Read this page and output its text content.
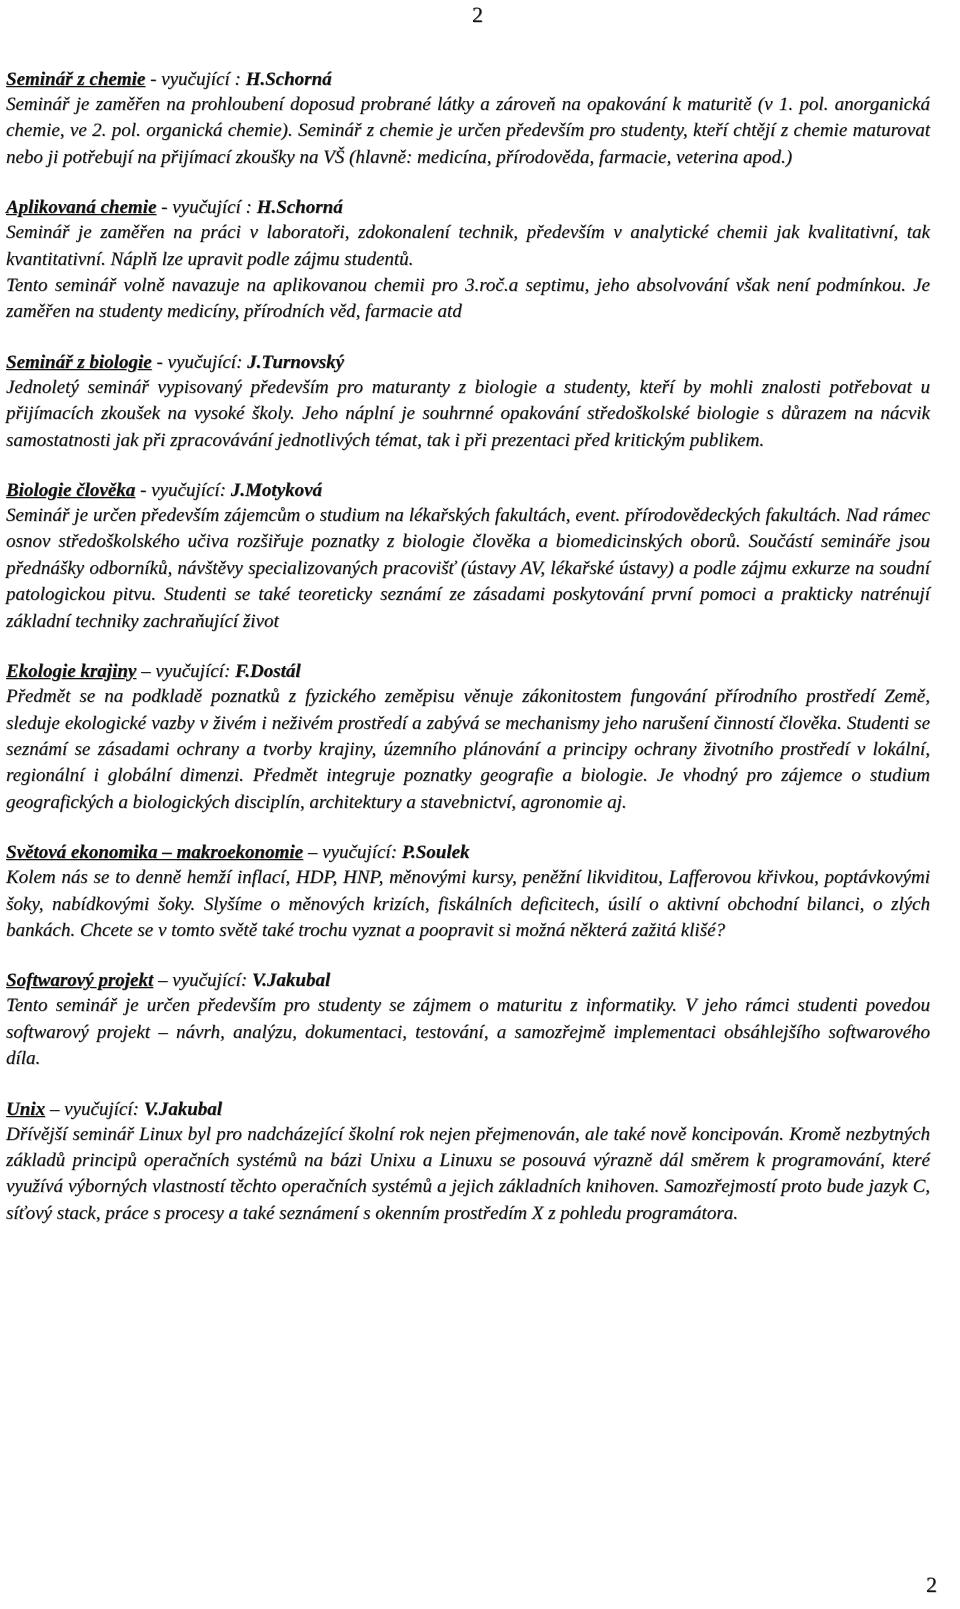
2

Seminář z chemie - vyučující : H.Schorná

Seminář je zaměřen na prohloubení doposud probrané látky a zároveň na opakování k maturitě (v 1. pol. anorganická chemie, ve 2. pol. organická chemie). Seminář z chemie je určen především pro studenty, kteří chtějí z chemie maturovat nebo ji potřebují na přijímací zkoušky na VŠ (hlavně: medicína, přírodověda, farmacie, veterina apod.)

Aplikovaná chemie - vyučující : H.Schorná

Seminář je zaměřen na práci v laboratoři, zdokonalení technik, především v analytické chemii jak kvalitativní, tak kvantitativní. Náplň lze upravit podle zájmu studentů.

Tento seminář volně navazuje na aplikovanou chemii pro 3.roč.a septimu, jeho absolvování však není podmínkou. Je zaměřen na studenty medicíny, přírodních věd, farmacie atd

Seminář z biologie - vyučující: J.Turnovský

Jednoletý seminář vypisovaný především pro maturanty z biologie a studenty, kteří by mohli znalosti potřebovat u přijímacích zkoušek na vysoké školy. Jeho náplní je souhrnné opakování středoškolské biologie s důrazem na nácvik samostatnosti jak při zpracovávání jednotlivých témat, tak i při prezentaci před kritickým publikem.

Biologie člověka - vyučující: J.Motyková

Seminář je určen především zájemcům o studium na lékařských fakultách, event. přírodovědeckých fakultách. Nad rámec osnov středoškolského učiva rozšiřuje poznatky z biologie člověka a biomedicinských oborů. Součástí semináře jsou přednášky odborníků, návštěvy specializovaných pracovišť (ústavy AV, lékařské ústavy) a podle zájmu exkurze na soudní patologickou pitvu. Studenti se také teoreticky seznámí ze zásadami poskytování první pomoci a prakticky natrénují základní techniky zachraňující život

Ekologie krajiny – vyučující: F.Dostál

Předmět se na podkladě poznatků z fyzického zeměpisu věnuje zákonitostem fungování přírodního prostředí Země, sleduje ekologické vazby v živém i neživém prostředí a zabývá se mechanismy jeho narušení činností člověka. Studenti se seznámí se zásadami ochrany a tvorby krajiny, územního plánování a principy ochrany životního prostředí v lokální, regionální i globální dimenzi. Předmět integruje poznatky geografie a biologie. Je vhodný pro zájemce o studium geografických a biologických disciplín, architektury a stavebnictví, agronomie aj.

Světová ekonomika – makroekonomie – vyučující: P.Soulek

Kolem nás se to denně hemží inflací, HDP, HNP, měnovými kursy, peněžní likviditou, Lafferovou křivkou, poptávkovými šoky, nabídkovými šoky. Slyšíme o měnových krizích, fiskálních deficitech, úsilí o aktivní obchodní bilanci, o zlých bankách. Chcete se v tomto světě také trochu vyznat a poopravit si možná některá zažitá klišé?

Softwarový projekt – vyučující: V.Jakubal

Tento seminář je určen především pro studenty se zájmem o maturitu z informatiky. V jeho rámci studenti povedou softwarový projekt – návrh, analýzu, dokumentaci, testování, a samozřejmě implementaci obsáhlejšího softwarového díla.

Unix – vyučující: V.Jakubal

Dřívější seminář Linux byl pro nadcházející školní rok nejen přejmenován, ale také nově koncipován. Kromě nezbytných základů principů operačních systémů na bázi Unixu a Linuxu se posouvá výrazně dál směrem k programování, které využívá výborných vlastností těchto operačních systémů a jejich základních knihoven. Samozřejmostí proto bude jazyk C, síťový stack, práce s procesy a také seznámení s okenním prostředím X z pohledu programátora.

2
